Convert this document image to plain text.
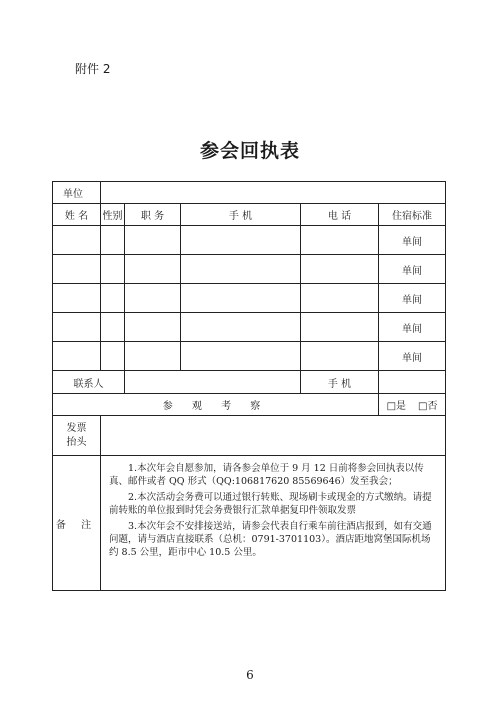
附件 2
参会回执表
单位					
姓 名	性别	职 务	手 机	电 话	住宿标准
					单间
					单间
					单间
					单间
					单间
联系人				手 机	
参 观 考 察					□是 □否
发票抬头					
备 注	1.本次年会自愿参加，请各参会单位于 9 月 12 日前将参会回执表以传真、邮件或者 QQ 形式（QQ:106817620 85569646）发至我会；

2.本次活动会务费可以通过银行转账、现场刷卡或现金的方式缴纳。请提前转账的单位报到时凭会务费银行汇款单据复印件领取发票

3.本次年会不安排接送站，请参会代表自行乘车前往酒店报到，如有交通问题，请与酒店直接联系（总机：0791-3701103）。酒店距地窝堡国际机场约 8.5 公里，距市中心 10.5 公里。				

6
